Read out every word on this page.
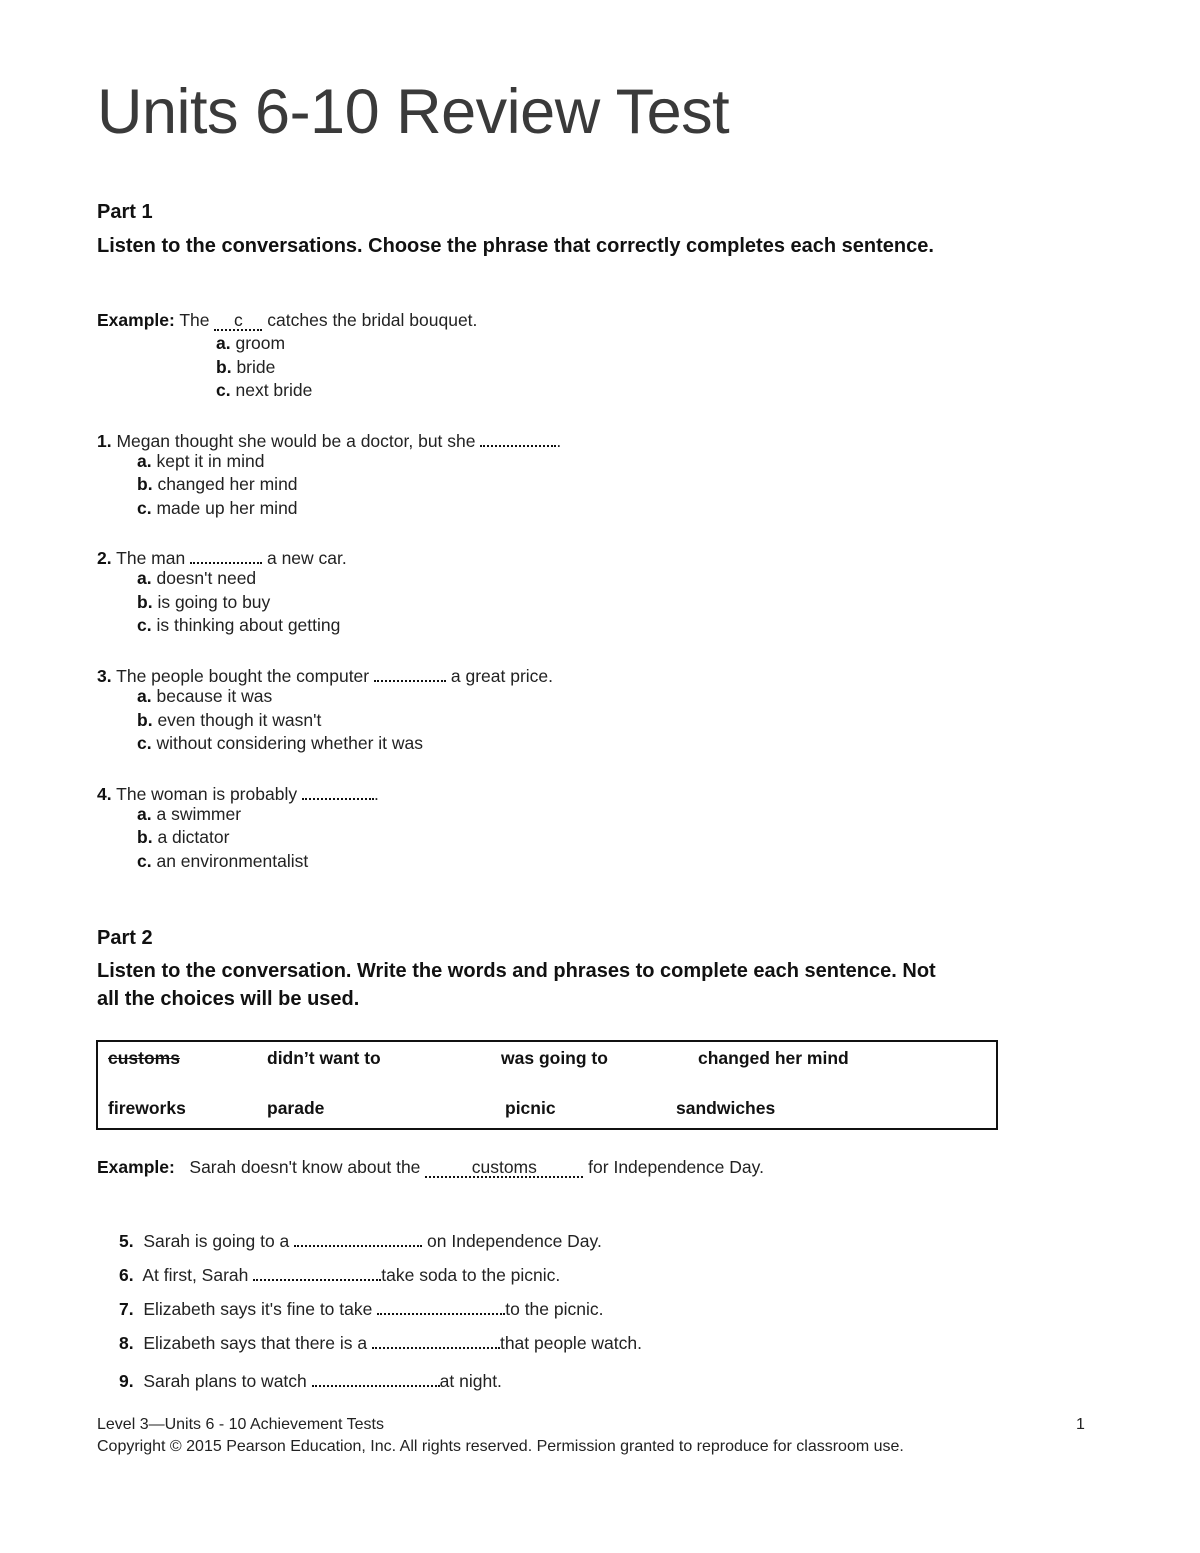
Units 6-10 Review Test
Part 1
Listen to the conversations. Choose the phrase that correctly completes each sentence.
Example: The c catches the bridal bouquet.
a. groom
b. bride
c. next bride
1. Megan thought she would be a doctor, but she	.
a. kept it in mind
b. changed her mind
c. made up her mind
2. The man	a new car.
a. doesn't need
b. is going to buy
c. is thinking about getting
3. The people bought the computer	a great price.
a. because it was
b. even though it wasn't
c. without considering whether it was
4. The woman is probably	.
a. a swimmer
b. a dictator
c. an environmentalist
Part 2
Listen to the conversation. Write the words and phrases to complete each sentence. Not
all the choices will be used.
customs	didn’t want to	was going to	changed her mind
fireworks	parade	picnic	sandwiches
Example: Sarah doesn't know about the	customs	for Independence Day.
5. Sarah is going to a	on Independence Day.
6. At first, Sarah	take soda to the picnic.
7. Elizabeth says it's fine to take	to the picnic.
8. Elizabeth says that there is a	that people watch.
9. Sarah plans to watch	at night.
Level 3—Units 6 - 10 Achievement Tests	1
Copyright © 2015 Pearson Education, Inc. All rights reserved. Permission granted to reproduce for classroom use.
